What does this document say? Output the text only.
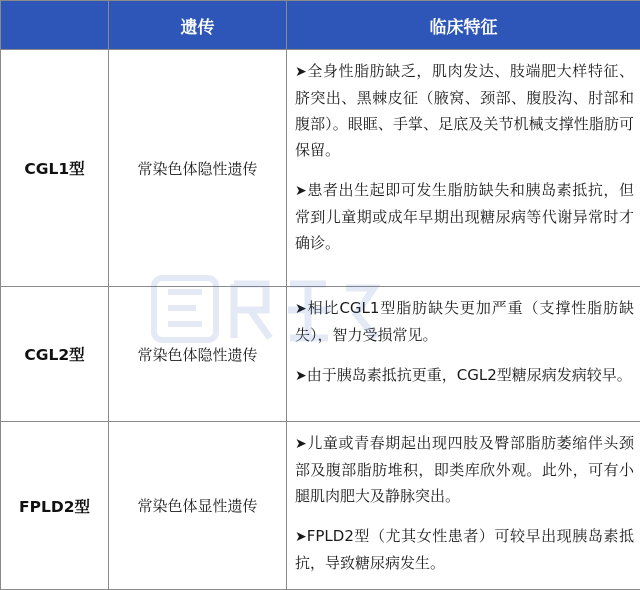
	遗传	临床特征
CGL1型	常染色体隐性遗传	➤全身性脂肪缺乏，肌肉发达、肢端肥大样特征、脐突出、黑棘皮征（腋窝、颈部、腹股沟、肘部和腹部）。眼眶、手掌、足底及关节机械支撑性脂肪可保留。

➤患者出生起即可发生脂肪缺失和胰岛素抵抗，但常到儿童期或成年早期出现糖尿病等代谢异常时才确诊。

CGL2型	常染色体隐性遗传	➤相比CGL1型脂肪缺失更加严重（支撑性脂肪缺失），智力受损常见。

➤由于胰岛素抵抗更重，CGL2型糖尿病发病较早。

FPLD2型	常染色体显性遗传	➤儿童或青春期起出现四肢及臀部脂肪萎缩伴头颈部及腹部脂肪堆积，即类库欣外观。此外，可有小腿肌肉肥大及静脉突出。

➤FPLD2型（尤其女性患者）可较早出现胰岛素抵抗，导致糖尿病发生。
